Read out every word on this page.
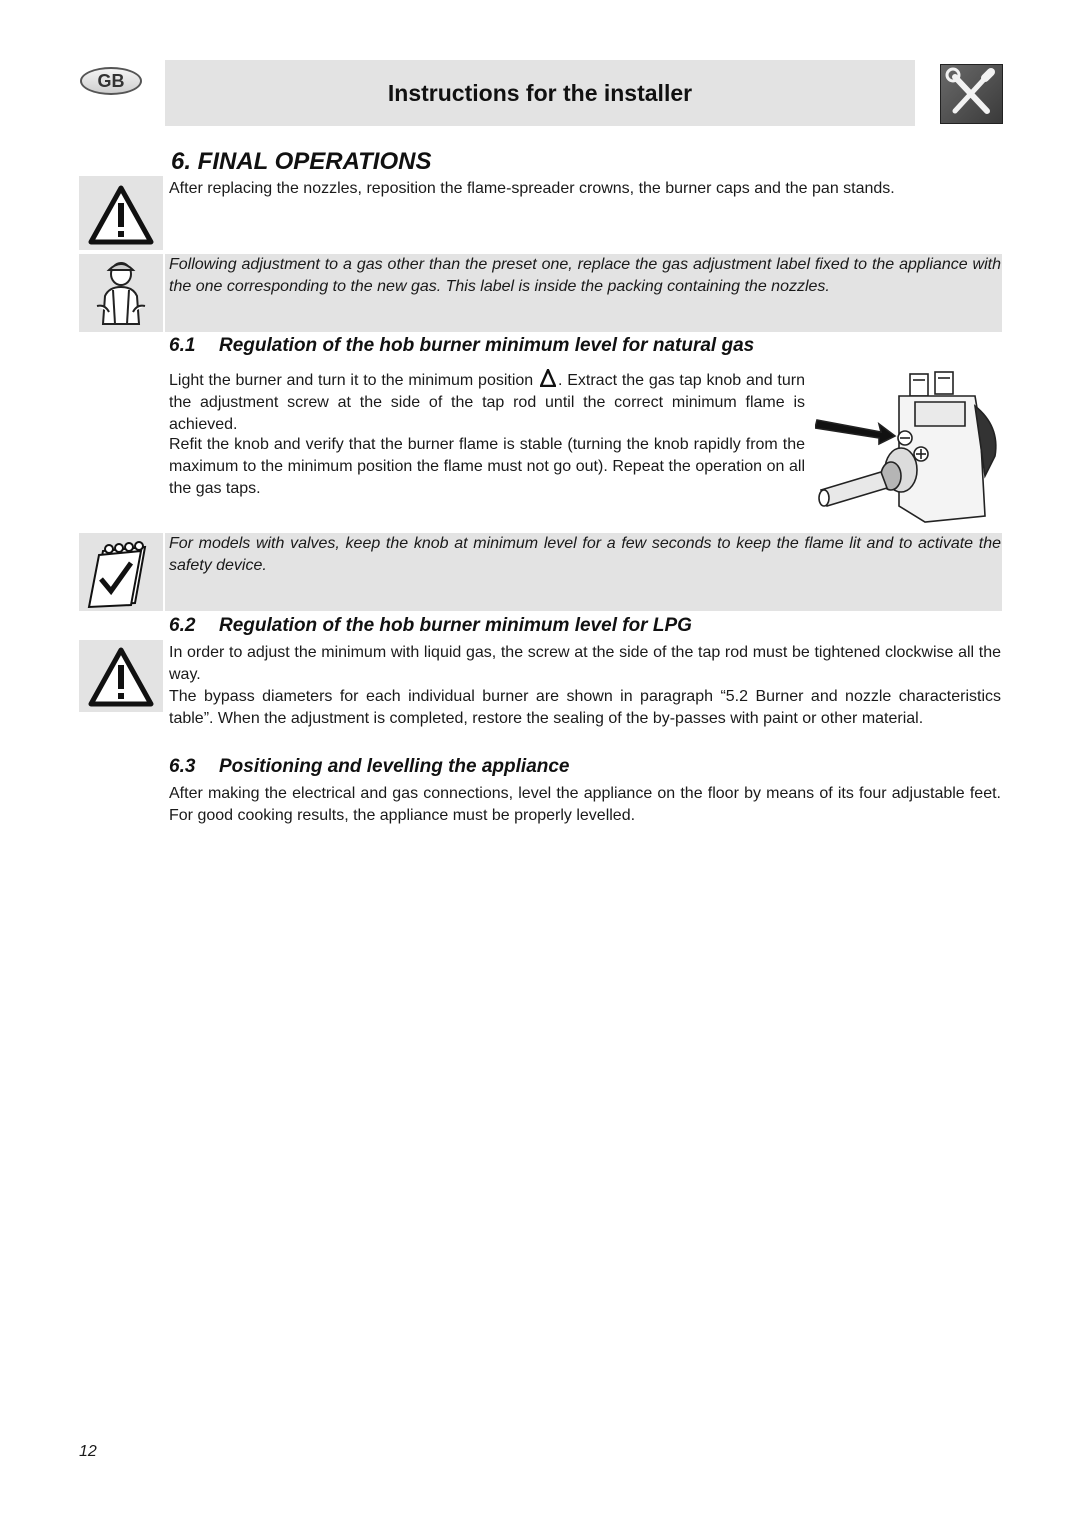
GB	Instructions for the installer
6. FINAL OPERATIONS
After replacing the nozzles, reposition the flame-spreader crowns, the burner caps and the pan stands.
Following adjustment to a gas other than the preset one, replace the gas adjustment label fixed to the appliance with the one corresponding to the new gas. This label is inside the packing containing the nozzles.
6.1 Regulation of the hob burner minimum level for natural gas
Light the burner and turn it to the minimum position . Extract the gas tap knob and turn the adjustment screw at the side of the tap rod until the correct minimum flame is achieved.
Refit the knob and verify that the burner flame is stable (turning the knob rapidly from the maximum to the minimum position the flame must not go out). Repeat the operation on all the gas taps.
For models with valves, keep the knob at minimum level for a few seconds to keep the flame lit and to activate the safety device.
6.2 Regulation of the hob burner minimum level for LPG
In order to adjust the minimum with liquid gas, the screw at the side of the tap rod must be tightened clockwise all the way.
The bypass diameters for each individual burner are shown in paragraph “5.2 Burner and nozzle characteristics table”. When the adjustment is completed, restore the sealing of the by-passes with paint or other material.
6.3 Positioning and levelling the appliance
After making the electrical and gas connections, level the appliance on the floor by means of its four adjustable feet. For good cooking results, the appliance must be properly levelled.
12
